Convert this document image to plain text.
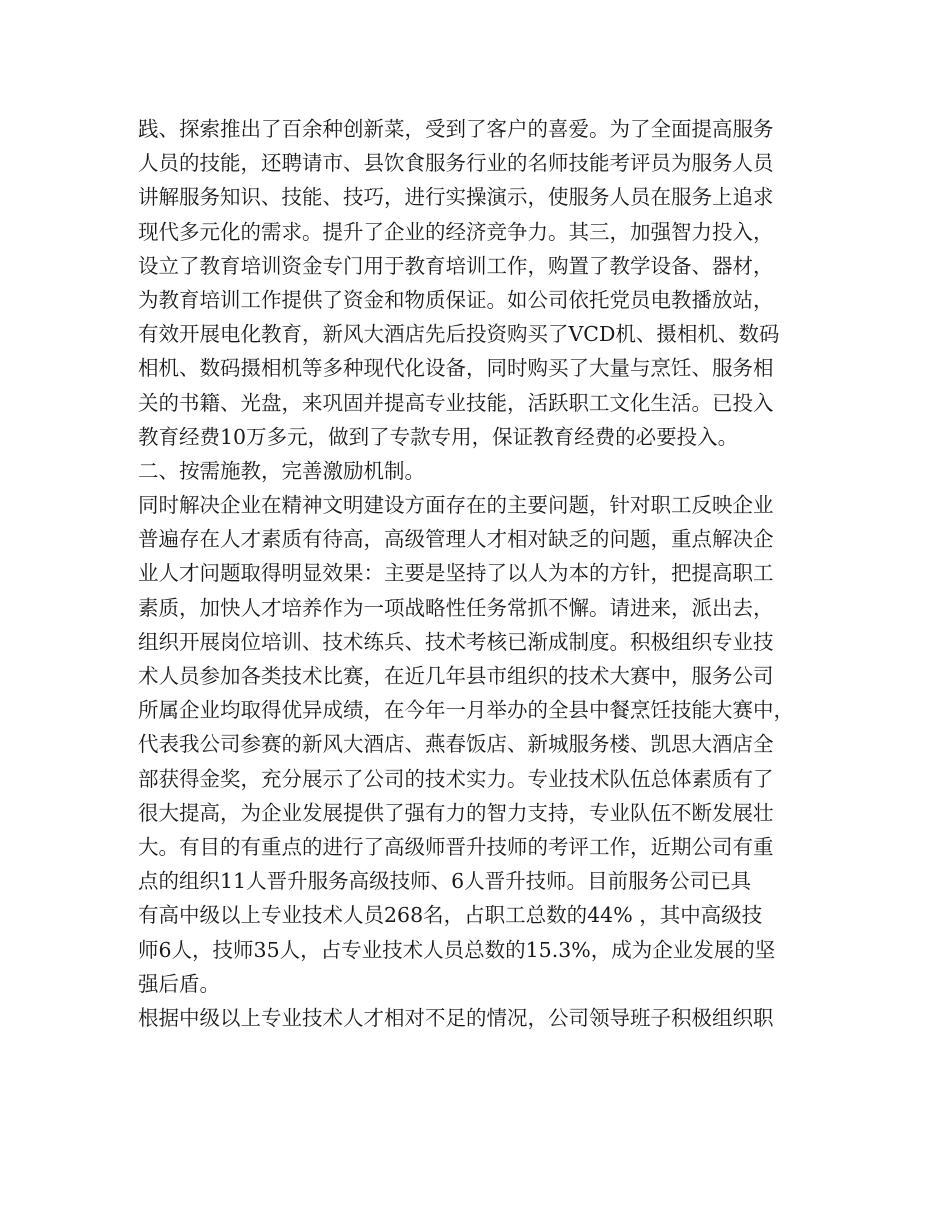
践、探索推出了百余种创新菜，受到了客户的喜爱。为了全面提高服务
人员的技能，还聘请市、县饮食服务行业的名师技能考评员为服务人员
讲解服务知识、技能、技巧，进行实操演示，使服务人员在服务上追求
现代多元化的需求。提升了企业的经济竞争力。其三，加强智力投入，
设立了教育培训资金专门用于教育培训工作，购置了教学设备、器材，
为教育培训工作提供了资金和物质保证。如公司依托党员电教播放站，
有效开展电化教育，新风大酒店先后投资购买了VCD机、摄相机、数码
相机、数码摄相机等多种现代化设备，同时购买了大量与烹饪、服务相
关的书籍、光盘，来巩固并提高专业技能，活跃职工文化生活。已投入
教育经费10万多元，做到了专款专用，保证教育经费的必要投入。
二、按需施教，完善激励机制。
同时解决企业在精神文明建设方面存在的主要问题，针对职工反映企业
普遍存在人才素质有待高，高级管理人才相对缺乏的问题，重点解决企
业人才问题取得明显效果：主要是坚持了以人为本的方针，把提高职工
素质，加快人才培养作为一项战略性任务常抓不懈。请进来，派出去，
组织开展岗位培训、技术练兵、技术考核已渐成制度。积极组织专业技
术人员参加各类技术比赛，在近几年县市组织的技术大赛中，服务公司
所属企业均取得优异成绩，在今年一月举办的全县中餐烹饪技能大赛中，
代表我公司参赛的新风大酒店、燕春饭店、新城服务楼、凯思大酒店全
部获得金奖，充分展示了公司的技术实力。专业技术队伍总体素质有了
很大提高，为企业发展提供了强有力的智力支持，专业队伍不断发展壮
大。有目的有重点的进行了高级师晋升技师的考评工作，近期公司有重
点的组织11人晋升服务高级技师、6人晋升技师。目前服务公司已具
有高中级以上专业技术人员268名，占职工总数的44% ，其中高级技
师6人，技师35人，占专业技术人员总数的15.3%，成为企业发展的坚
强后盾。
根据中级以上专业技术人才相对不足的情况，公司领导班子积极组织职
